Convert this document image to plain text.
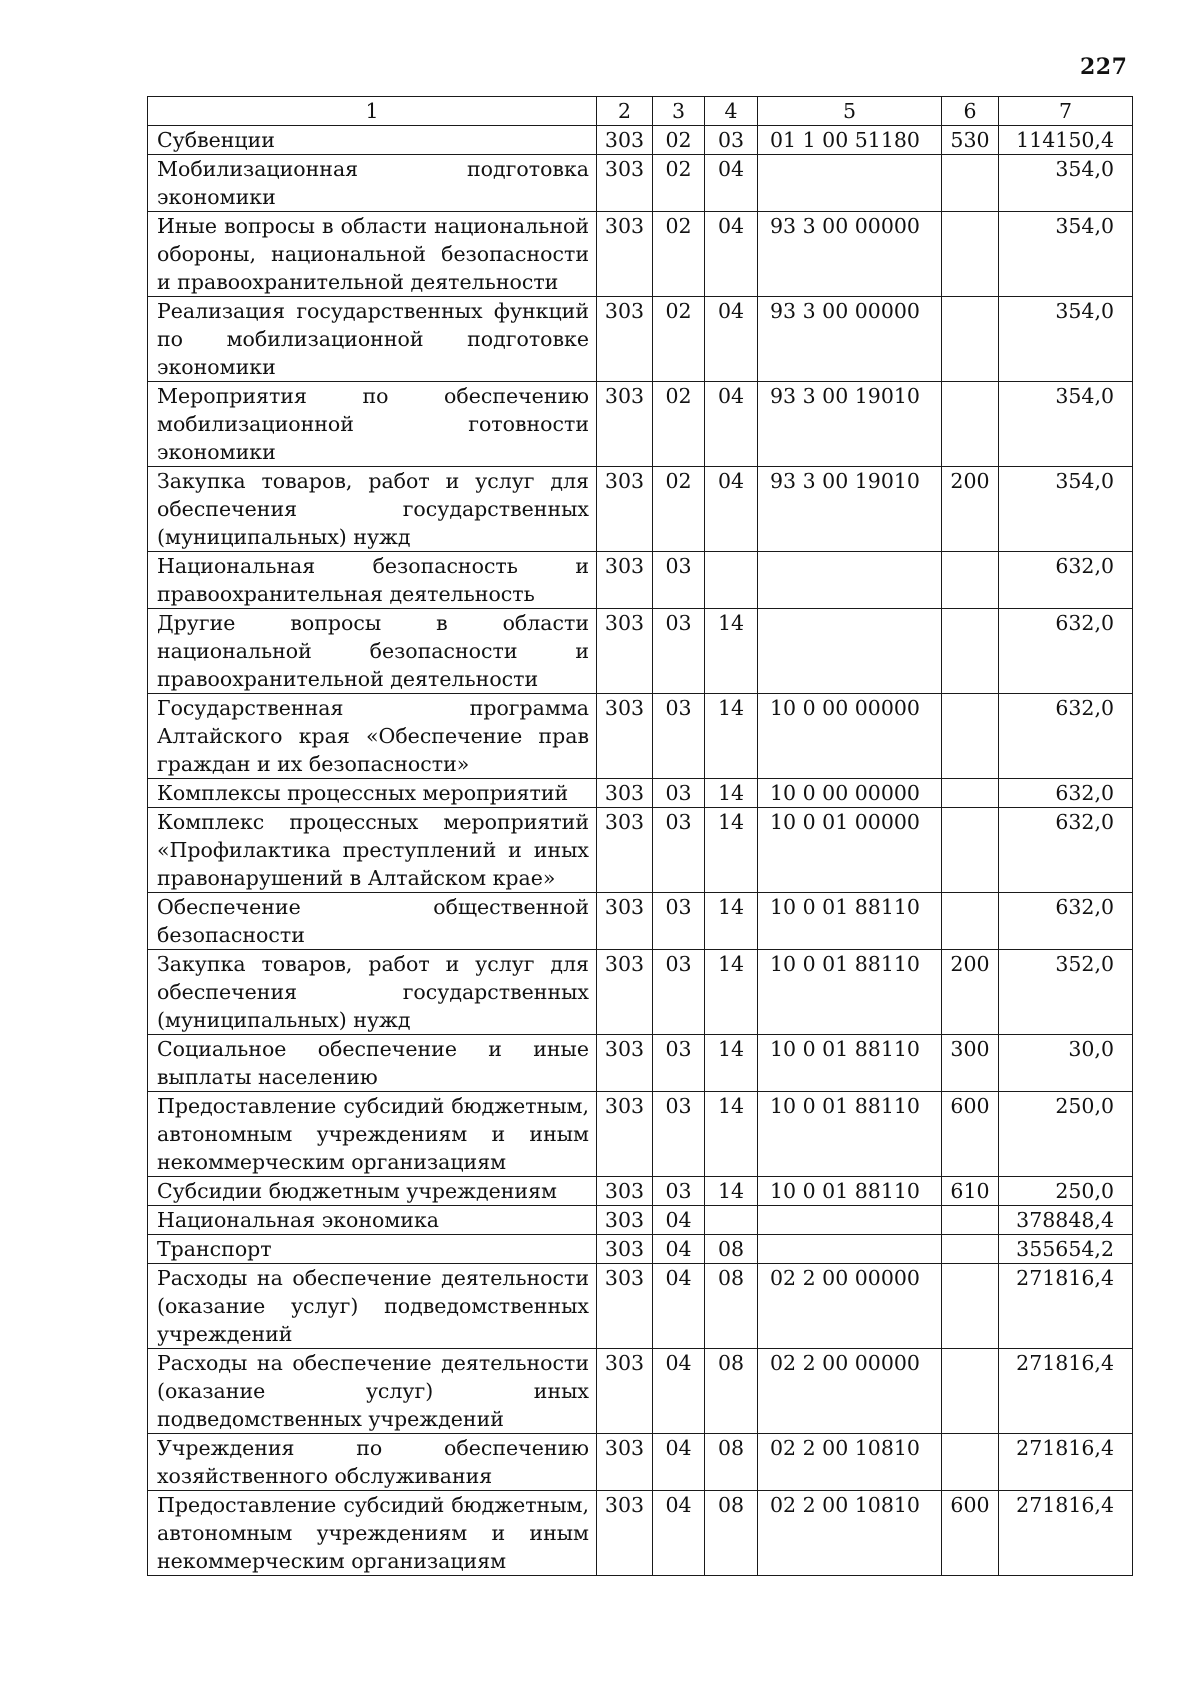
227
1	2	3	4	5	6	7
Субвенции	303	02	03	01 1 00 51180	530	114150,4
Мобилизационная подготовка экономики	303	02	04			354,0
Иные вопросы в области национальной обороны, национальной безопасности и правоохранительной деятельности	303	02	04	93 3 00 00000		354,0
Реализация государственных функций по мобилизационной подготовке экономики	303	02	04	93 3 00 00000		354,0
Мероприятия по обеспечению мобилизационной готовности экономики	303	02	04	93 3 00 19010		354,0
Закупка товаров, работ и услуг для обеспечения государственных (муниципальных) нужд	303	02	04	93 3 00 19010	200	354,0
Национальная безопасность и правоохранительная деятельность	303	03				632,0
Другие вопросы в области национальной безопасности и правоохранительной деятельности	303	03	14			632,0
Государственная программа Алтайского края «Обеспечение прав граждан и их безопасности»	303	03	14	10 0 00 00000		632,0
Комплексы процессных мероприятий	303	03	14	10 0 00 00000		632,0
Комплекс процессных мероприятий «Профилактика преступлений и иных правонарушений в Алтайском крае»	303	03	14	10 0 01 00000		632,0
Обеспечение общественной безопасности	303	03	14	10 0 01 88110		632,0
Закупка товаров, работ и услуг для обеспечения государственных (муниципальных) нужд	303	03	14	10 0 01 88110	200	352,0
Социальное обеспечение и иные выплаты населению	303	03	14	10 0 01 88110	300	30,0
Предоставление субсидий бюджетным, автономным учреждениям и иным некоммерческим организациям	303	03	14	10 0 01 88110	600	250,0
Субсидии бюджетным учреждениям	303	03	14	10 0 01 88110	610	250,0
Национальная экономика	303	04				378848,4
Транспорт	303	04	08			355654,2
Расходы на обеспечение деятельности (оказание услуг) подведомственных учреждений	303	04	08	02 2 00 00000		271816,4
Расходы на обеспечение деятельности (оказание услуг) иных подведомственных учреждений	303	04	08	02 2 00 00000		271816,4
Учреждения по обеспечению хозяйственного обслуживания	303	04	08	02 2 00 10810		271816,4
Предоставление субсидий бюджетным, автономным учреждениям и иным некоммерческим организациям	303	04	08	02 2 00 10810	600	271816,4
